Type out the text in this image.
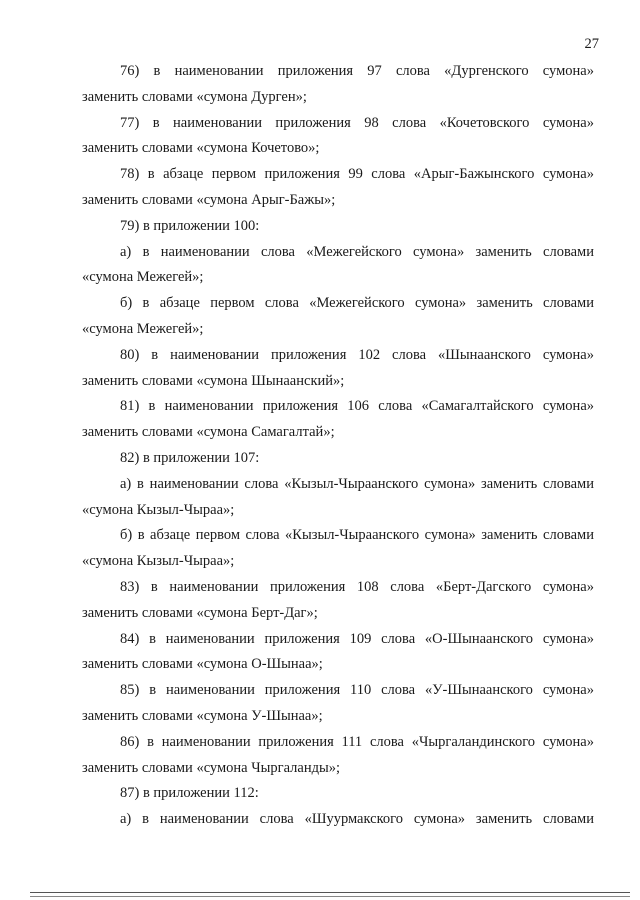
27

76) в наименовании приложения 97 слова «Дургенского сумона»
заменить словами «сумона Дурген»;

77) в наименовании приложения 98 слова «Кочетовского сумона»
заменить словами «сумона Кочетово»;

78) в абзаце первом приложения 99 слова «Арыг-Бажынского сумона»
заменить словами «сумона Арыг-Бажы»;

79) в приложении 100:

а) в наименовании слова «Межегейского сумона» заменить словами
«сумона Межегей»;

б) в абзаце первом слова «Межегейского сумона» заменить словами
«сумона Межегей»;

80) в наименовании приложения 102 слова «Шынаанского сумона»
заменить словами «сумона Шынаанский»;

81) в наименовании приложения 106 слова «Самагалтайского сумона»
заменить словами «сумона Самагалтай»;

82) в приложении 107:

а) в наименовании слова «Кызыл-Чыраанского сумона» заменить словами
«сумона Кызыл-Чыраа»;

б) в абзаце первом слова «Кызыл-Чыраанского сумона» заменить словами
«сумона Кызыл-Чыраа»;

83) в наименовании приложения 108 слова «Берт-Дагского сумона»
заменить словами «сумона Берт-Даг»;

84) в наименовании приложения 109 слова «О-Шынаанского сумона»
заменить словами «сумона О-Шынаа»;

85) в наименовании приложения 110 слова «У-Шынаанского сумона»
заменить словами «сумона У-Шынаа»;

86) в наименовании приложения 111 слова «Чыргаландинского сумона»
заменить словами «сумона Чыргаланды»;

87) в приложении 112:

а) в наименовании слова «Шуурмакского сумона» заменить словами
